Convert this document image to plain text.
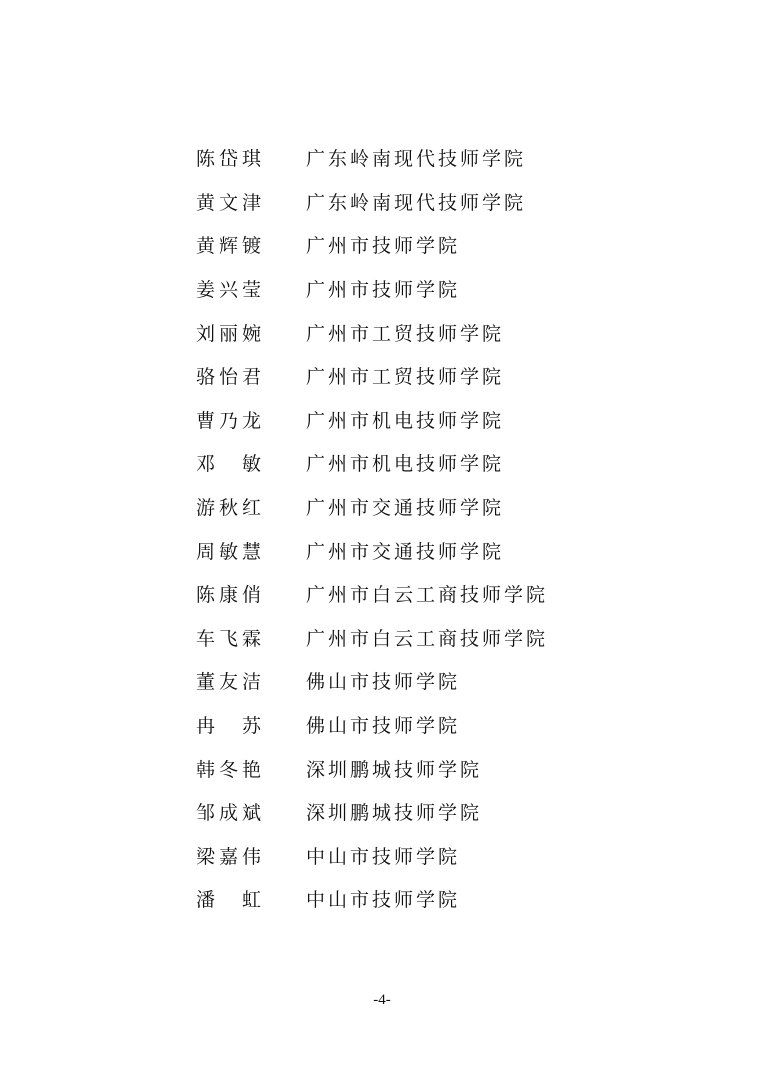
陈岱琪	广东岭南现代技师学院
黄文津	广东岭南现代技师学院
黄辉镀	广州市技师学院
姜兴莹	广州市技师学院
刘丽婉	广州市工贸技师学院
骆怡君	广州市工贸技师学院
曹乃龙	广州市机电技师学院
邓　敏	广州市机电技师学院
游秋红	广州市交通技师学院
周敏慧	广州市交通技师学院
陈康俏	广州市白云工商技师学院
车飞霖	广州市白云工商技师学院
董友洁	佛山市技师学院
冉　苏	佛山市技师学院
韩冬艳	深圳鹏城技师学院
邹成斌	深圳鹏城技师学院
梁嘉伟	中山市技师学院
潘　虹	中山市技师学院
-4-
